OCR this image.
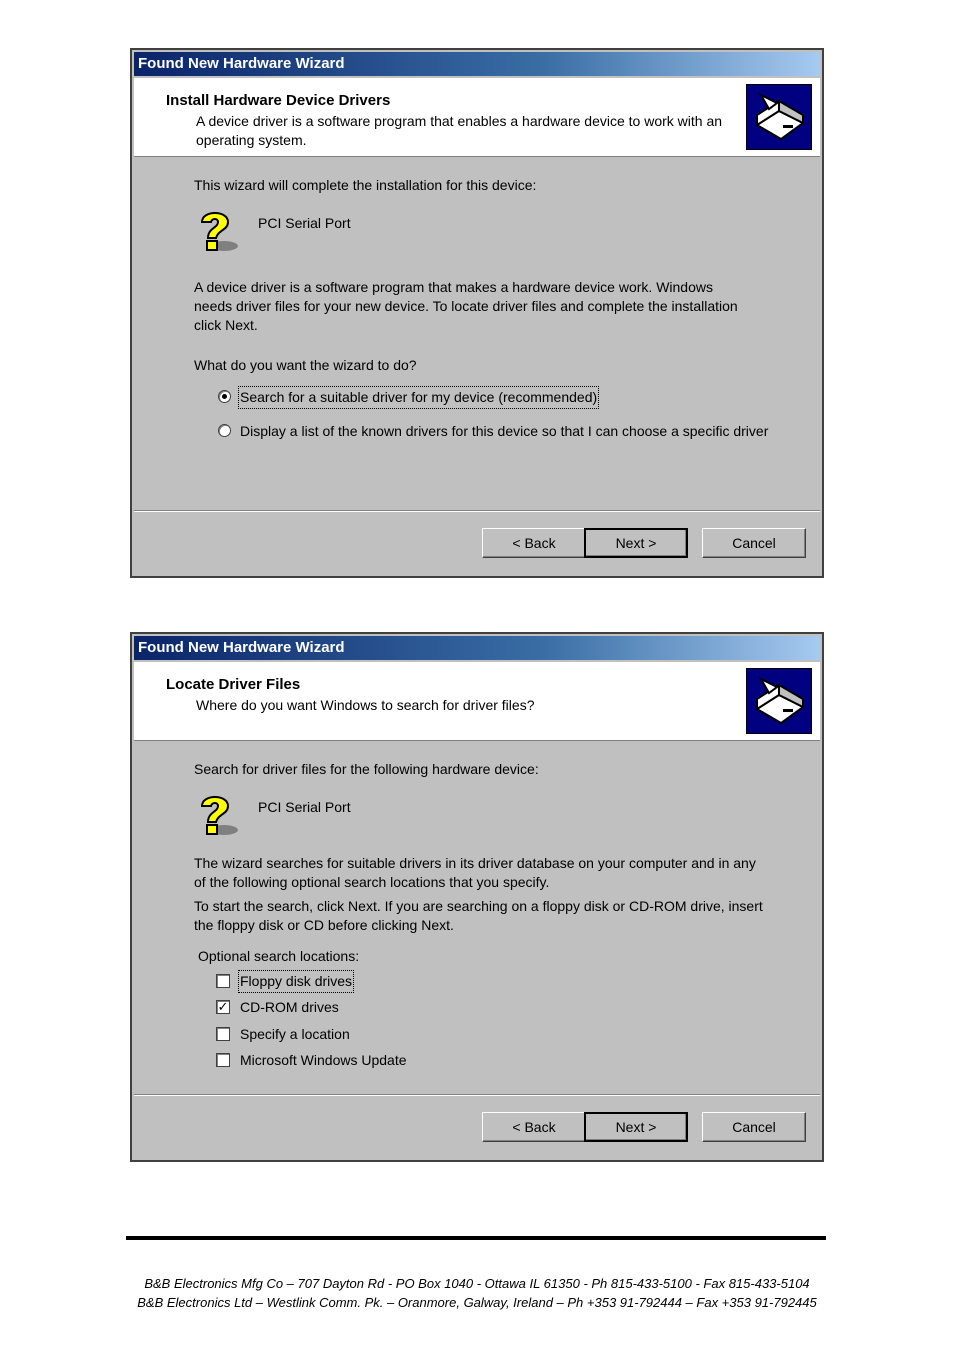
Found New Hardware Wizard
Install Hardware Device Drivers
A device driver is a software program that enables a hardware device to work with an operating system.
This wizard will complete the installation for this device:
PCI Serial Port
A device driver is a software program that makes a hardware device work. Windows needs driver files for your new device. To locate driver files and complete the installation click Next.
What do you want the wizard to do?
Search for a suitable driver for my device (recommended)
Display a list of the known drivers for this device so that I can choose a specific driver
< Back	Next >	Cancel
Found New Hardware Wizard
Locate Driver Files
Where do you want Windows to search for driver files?
Search for driver files for the following hardware device:
PCI Serial Port
The wizard searches for suitable drivers in its driver database on your computer and in any of the following optional search locations that you specify.
To start the search, click Next. If you are searching on a floppy disk or CD-ROM drive, insert the floppy disk or CD before clicking Next.
Optional search locations:
Floppy disk drives
✓ CD-ROM drives
Specify a location
Microsoft Windows Update
< Back	Next >	Cancel
B&B Electronics Mfg Co – 707 Dayton Rd - PO Box 1040 - Ottawa IL 61350 - Ph 815-433-5100 - Fax 815-433-5104
B&B Electronics Ltd – Westlink Comm. Pk. – Oranmore, Galway, Ireland – Ph +353 91-792444 – Fax +353 91-792445
